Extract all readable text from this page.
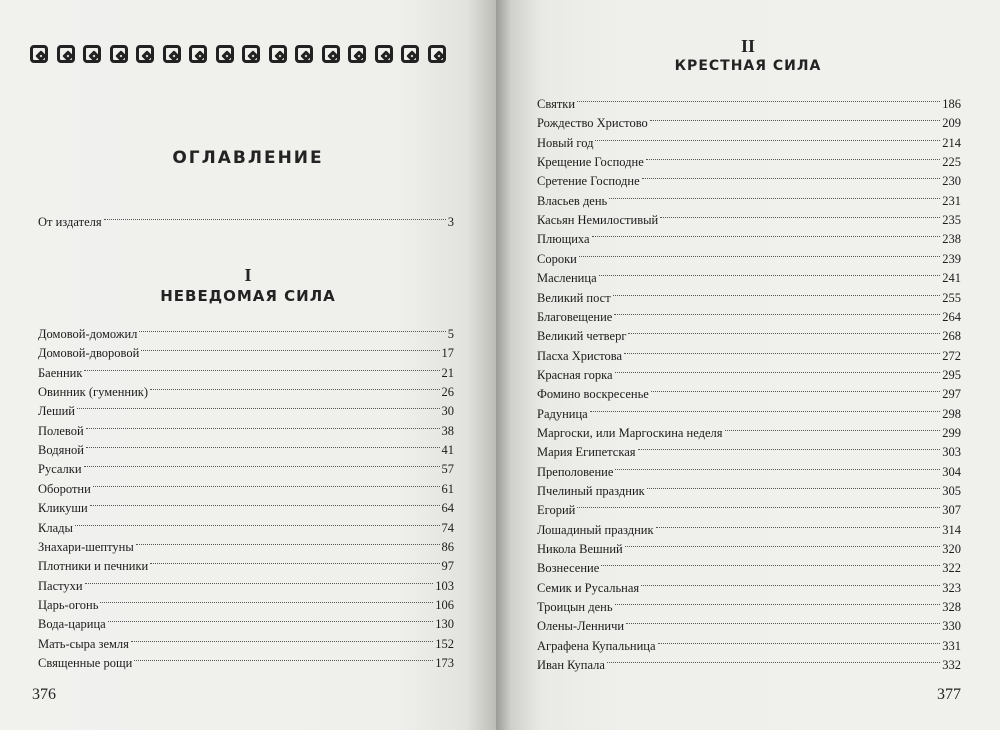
ОГЛАВЛЕНИЕ
От издателя	3
I
НЕВЕДОМАЯ СИЛА
Домовой-доможил	5
Домовой-дворовой	17
Баенник	21
Овинник (гуменник)	26
Леший	30
Полевой	38
Водяной	41
Русалки	57
Оборотни	61
Кликуши	64
Клады	74
Знахари-шептуны	86
Плотники и печники	97
Пастухи	103
Царь-огонь	106
Вода-царица	130
Мать-сыра земля	152
Священные рощи	173
376	377
II
КРЕСТНАЯ СИЛА
Святки	186
Рождество Христово	209
Новый год	214
Крещение Господне	225
Сретение Господне	230
Власьев день	231
Касьян Немилостивый	235
Плющиха	238
Сороки	239
Масленица	241
Великий пост	255
Благовещение	264
Великий четверг	268
Пасха Христова	272
Красная горка	295
Фомино воскресенье	297
Радуница	298
Маргоски, или Маргоскина неделя	299
Мария Египетская	303
Преполовение	304
Пчелиный праздник	305
Егорий	307
Лошадиный праздник	314
Никола Вешний	320
Вознесение	322
Семик и Русальная	323
Троицын день	328
Олены-Ленничи	330
Аграфена Купальница	331
Иван Купала	332
